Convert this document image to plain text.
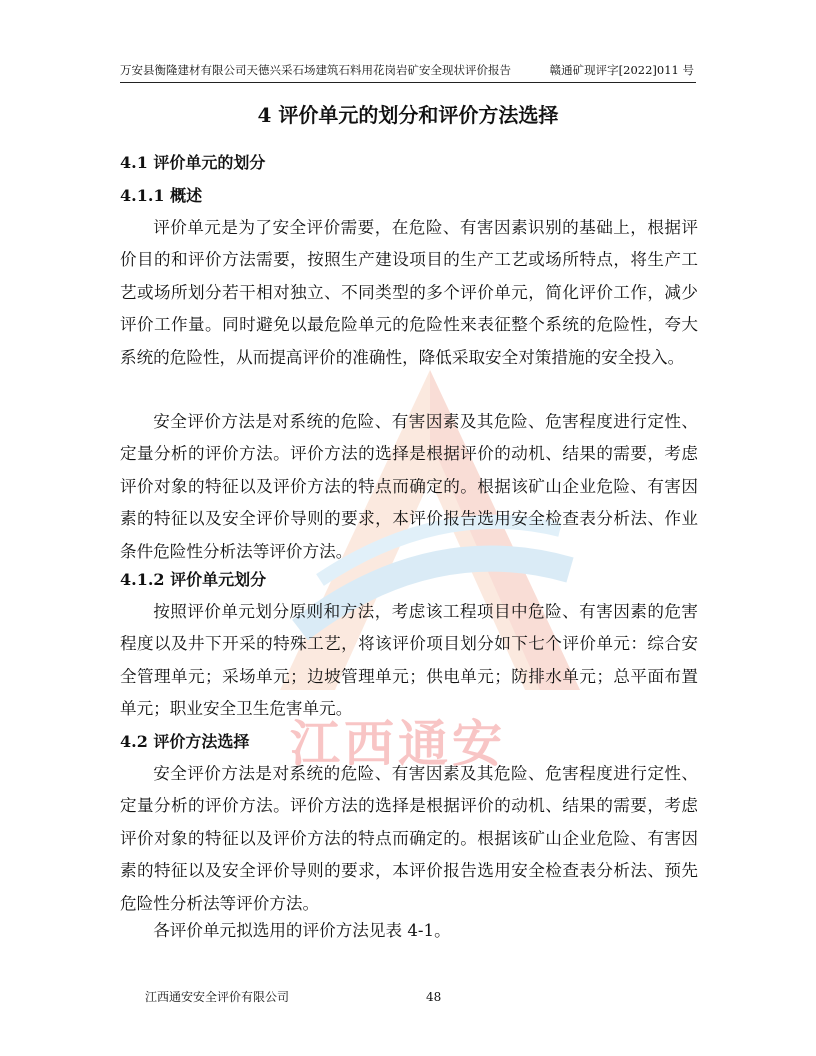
江西通安
万安县衡隆建材有限公司天德兴采石场建筑石料用花岗岩矿安全现状评价报告	赣通矿现评字[2022]011 号
4 评价单元的划分和评价方法选择
4.1 评价单元的划分
4.1.1 概述

评价单元是为了安全评价需要，在危险、有害因素识别的基础上，根据评价目的和评价方法需要，按照生产建设项目的生产工艺或场所特点，将生产工艺或场所划分若干相对独立、不同类型的多个评价单元，简化评价工作，减少评价工作量。同时避免以最危险单元的危险性来表征整个系统的危险性，夸大系统的危险性，从而提高评价的准确性，降低采取安全对策措施的安全投入。

安全评价方法是对系统的危险、有害因素及其危险、危害程度进行定性、定量分析的评价方法。评价方法的选择是根据评价的动机、结果的需要，考虑评价对象的特征以及评价方法的特点而确定的。根据该矿山企业危险、有害因素的特征以及安全评价导则的要求，本评价报告选用安全检查表分析法、作业条件危险性分析法等评价方法。

4.1.2 评价单元划分

按照评价单元划分原则和方法，考虑该工程项目中危险、有害因素的危害程度以及井下开采的特殊工艺，将该评价项目划分如下七个评价单元：综合安全管理单元；采场单元；边坡管理单元；供电单元；防排水单元；总平面布置单元；职业安全卫生危害单元。

4.2 评价方法选择

安全评价方法是对系统的危险、有害因素及其危险、危害程度进行定性、定量分析的评价方法。评价方法的选择是根据评价的动机、结果的需要，考虑评价对象的特征以及评价方法的特点而确定的。根据该矿山企业危险、有害因素的特征以及安全评价导则的要求，本评价报告选用安全检查表分析法、预先危险性分析法等评价方法。

各评价单元拟选用的评价方法见表 4-1。

江西通安安全评价有限公司	48
